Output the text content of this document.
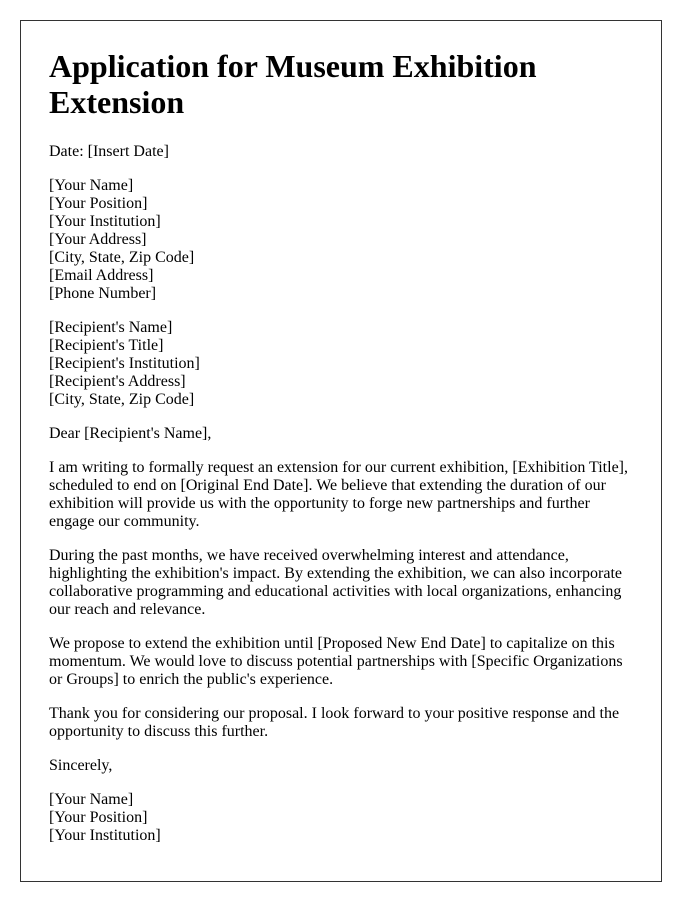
Application for Museum Exhibition Extension

Date: [Insert Date]

[Your Name]
[Your Position]
[Your Institution]
[Your Address]
[City, State, Zip Code]
[Email Address]
[Phone Number]

[Recipient's Name]
[Recipient's Title]
[Recipient's Institution]
[Recipient's Address]
[City, State, Zip Code]

Dear [Recipient's Name],

I am writing to formally request an extension for our current exhibition, [Exhibition Title], scheduled to end on [Original End Date]. We believe that extending the duration of our exhibition will provide us with the opportunity to forge new partnerships and further engage our community.

During the past months, we have received overwhelming interest and attendance, highlighting the exhibition's impact. By extending the exhibition, we can also incorporate collaborative programming and educational activities with local organizations, enhancing our reach and relevance.

We propose to extend the exhibition until [Proposed New End Date] to capitalize on this momentum. We would love to discuss potential partnerships with [Specific Organizations or Groups] to enrich the public's experience.

Thank you for considering our proposal. I look forward to your positive response and the opportunity to discuss this further.

Sincerely,

[Your Name]
[Your Position]
[Your Institution]
